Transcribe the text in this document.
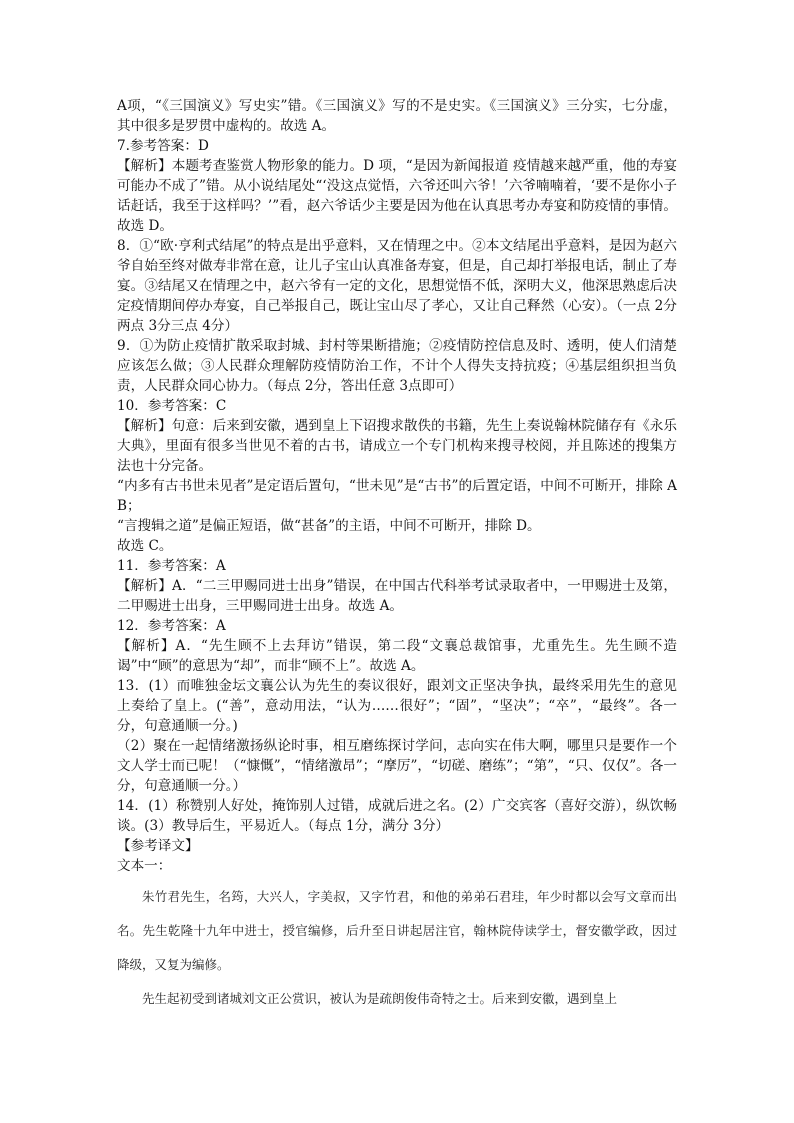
A项，“《三国演义》写史实”错。《三国演义》写的不是史实。《三国演义》三分实，七分虚，其中很多是罗贯中虚构的。故选 A。

7.参考答案：D

【解析】本题考查鉴赏人物形象的能力。D 项，“是因为新闻报道 疫情越来越严重，他的寿宴可能办不成了”错。从小说结尾处“‘没这点觉悟，六爷还叫六爷！’六爷喃喃着，‘要不是你小子话赶话，我至于这样吗？’”看，赵六爷话少主要是因为他在认真思考办寿宴和防疫情的事情。故选 D。

8．①“欧·亨利式结尾”的特点是出乎意料，又在情理之中。②本文结尾出乎意料，是因为赵六爷自始至终对做寿非常在意，让儿子宝山认真准备寿宴，但是，自己却打举报电话，制止了寿宴。③结尾又在情理之中，赵六爷有一定的文化，思想觉悟不低，深明大义，他深思熟虑后决定疫情期间停办寿宴，自己举报自己，既让宝山尽了孝心，又让自己释然（心安）。（一点 2分两点 3分三点 4分）

9．①为防止疫情扩散采取封城、封村等果断措施；②疫情防控信息及时、透明，使人们清楚应该怎么做；③人民群众理解防疫情防治工作，不计个人得失支持抗疫；④基层组织担当负责，人民群众同心协力。（每点 2分，答出任意 3点即可）

10．参考答案：C

【解析】句意：后来到安徽，遇到皇上下诏搜求散佚的书籍，先生上奏说翰林院储存有《永乐大典》，里面有很多当世见不着的古书，请成立一个专门机构来搜寻校阅，并且陈述的搜集方法也十分完备。

“内多有古书世未见者”是定语后置句，“世未见”是“古书”的后置定语，中间不可断开，排除 AB；

“言搜辑之道”是偏正短语，做“甚备”的主语，中间不可断开，排除 D。

故选 C。

11．参考答案：A

【解析】A．“二三甲赐同进士出身”错误，在中国古代科举考试录取者中，一甲赐进士及第，二甲赐进士出身，三甲赐同进士出身。故选 A。

12．参考答案：A

【解析】A．“先生顾不上去拜访”错误，第二段“文襄总裁馆事，尤重先生。先生顾不造谒”中“顾”的意思为“却”，而非“顾不上”。故选 A。

13．(1）而唯独金坛文襄公认为先生的奏议很好，跟刘文正坚决争执，最终采用先生的意见上奏给了皇上。(“善”，意动用法，“认为……很好”；“固”，“坚决”；“卒”，“最终”。各一分，句意通顺一分。)

（2）聚在一起情绪激扬纵论时事，相互磨练探讨学问，志向实在伟大啊，哪里只是要作一个文人学士而已呢！（“慷慨”，“情绪激昂”；“摩厉”，“切磋、磨练”；“第”，“只、仅仅”。各一分，句意通顺一分。）

14．(1）称赞别人好处，掩饰别人过错，成就后进之名。(2）广交宾客（喜好交游），纵饮畅谈。(3）教导后生，平易近人。（每点 1分，满分 3分）

【参考译文】

文本一：

朱竹君先生，名筠，大兴人，字美叔，又字竹君，和他的弟弟石君珪，年少时都以会写文章而出名。先生乾隆十九年中进士，授官编修，后升至日讲起居注官，翰林院侍读学士，督安徽学政，因过降级，又复为编修。

先生起初受到诸城刘文正公赏识，被认为是疏朗俊伟奇特之士。后来到安徽，遇到皇上
